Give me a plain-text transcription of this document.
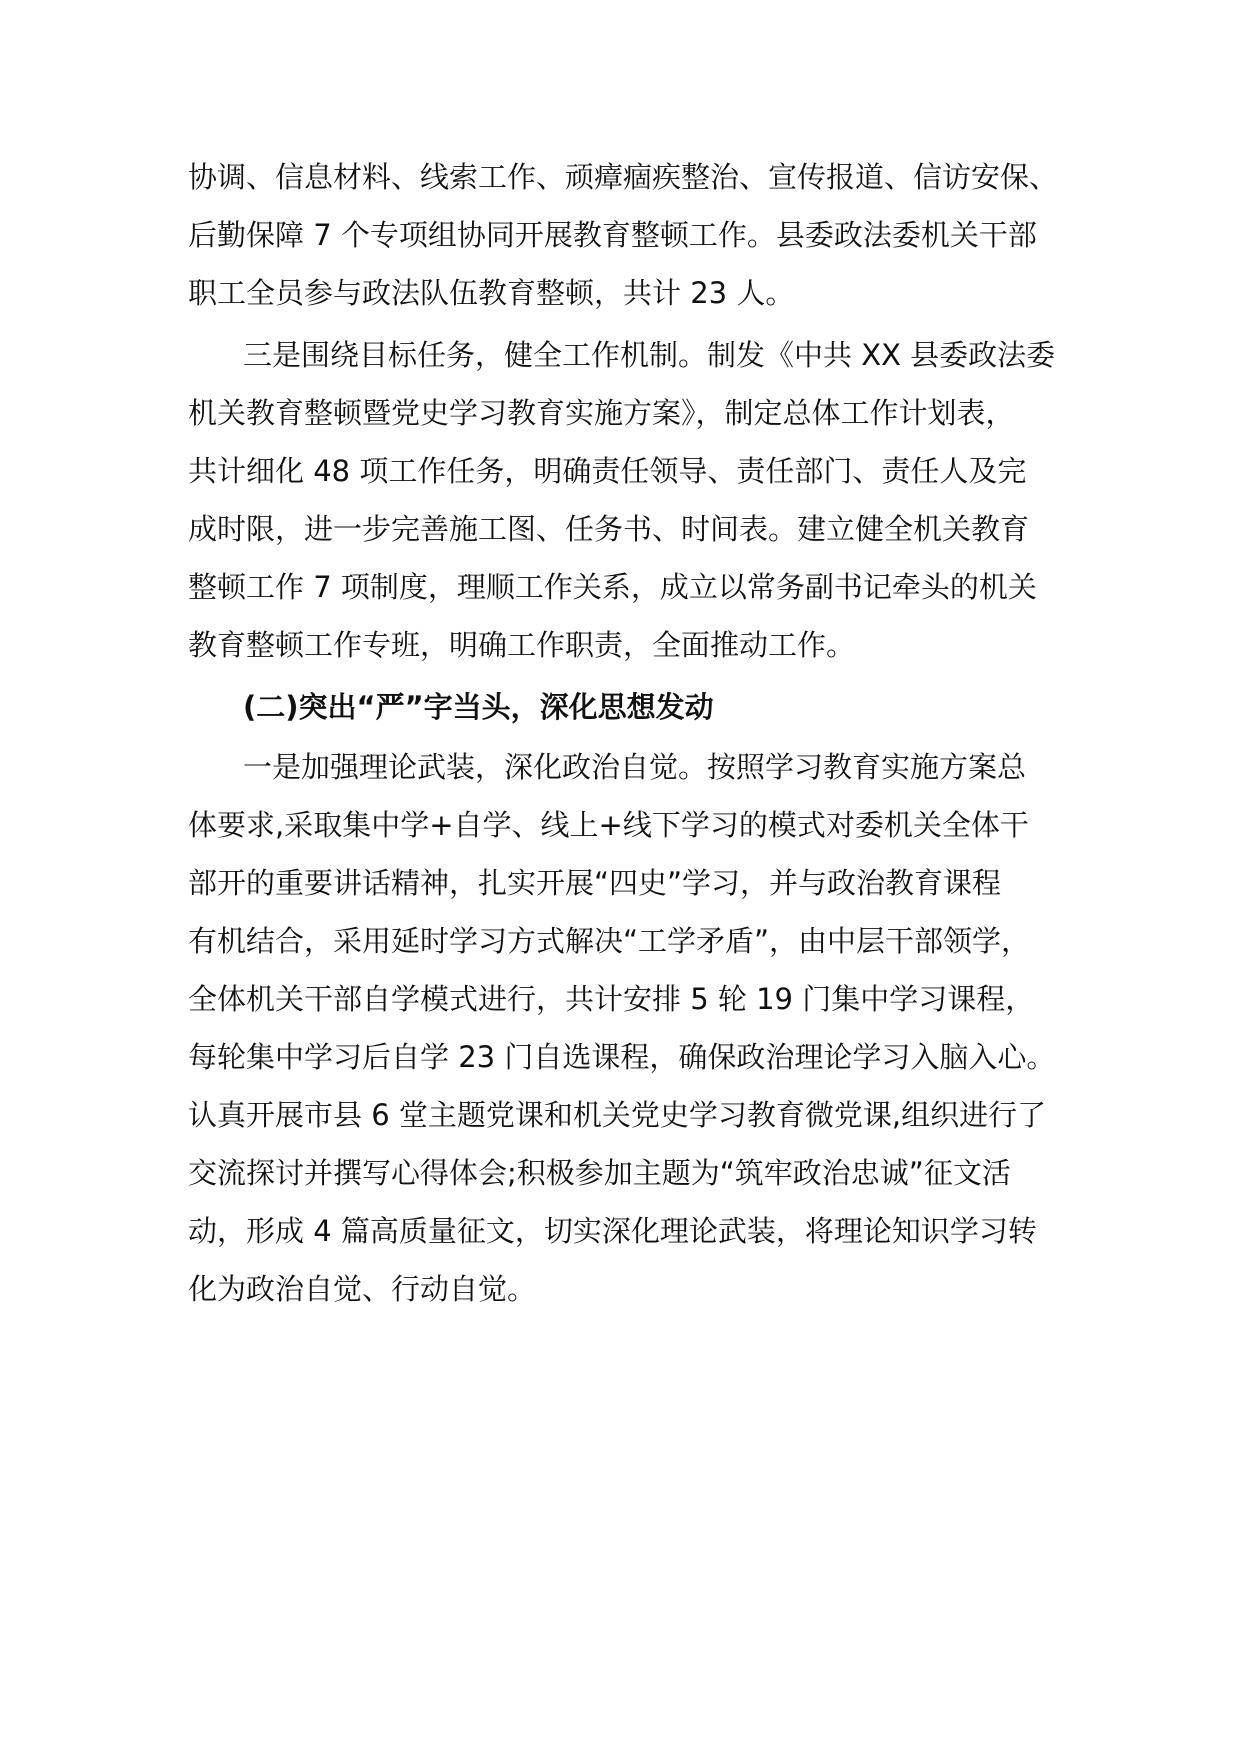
协调、信息材料、线索工作、顽瘴痼疾整治、宣传报道、信访安保、

后勤保障 7 个专项组协同开展教育整顿工作。县委政法委机关干部

职工全员参与政法队伍教育整顿，共计 23 人。

三是围绕目标任务，健全工作机制。制发《中共 XX 县委政法委

机关教育整顿暨党史学习教育实施方案》，制定总体工作计划表，

共计细化 48 项工作任务，明确责任领导、责任部门、责任人及完

成时限，进一步完善施工图、任务书、时间表。建立健全机关教育

整顿工作 7 项制度，理顺工作关系，成立以常务副书记牵头的机关

教育整顿工作专班，明确工作职责，全面推动工作。

(二)突出“严”字当头，深化思想发动

一是加强理论武装，深化政治自觉。按照学习教育实施方案总

体要求,采取集中学+自学、线上+线下学习的模式对委机关全体干

部开的重要讲话精神，扎实开展“四史”学习，并与政治教育课程

有机结合，采用延时学习方式解决“工学矛盾”，由中层干部领学，

全体机关干部自学模式进行，共计安排 5 轮 19 门集中学习课程，

每轮集中学习后自学 23 门自选课程，确保政治理论学习入脑入心。

认真开展市县 6 堂主题党课和机关党史学习教育微党课,组织进行了

交流探讨并撰写心得体会;积极参加主题为“筑牢政治忠诚”征文活

动，形成 4 篇高质量征文，切实深化理论武装，将理论知识学习转

化为政治自觉、行动自觉。
